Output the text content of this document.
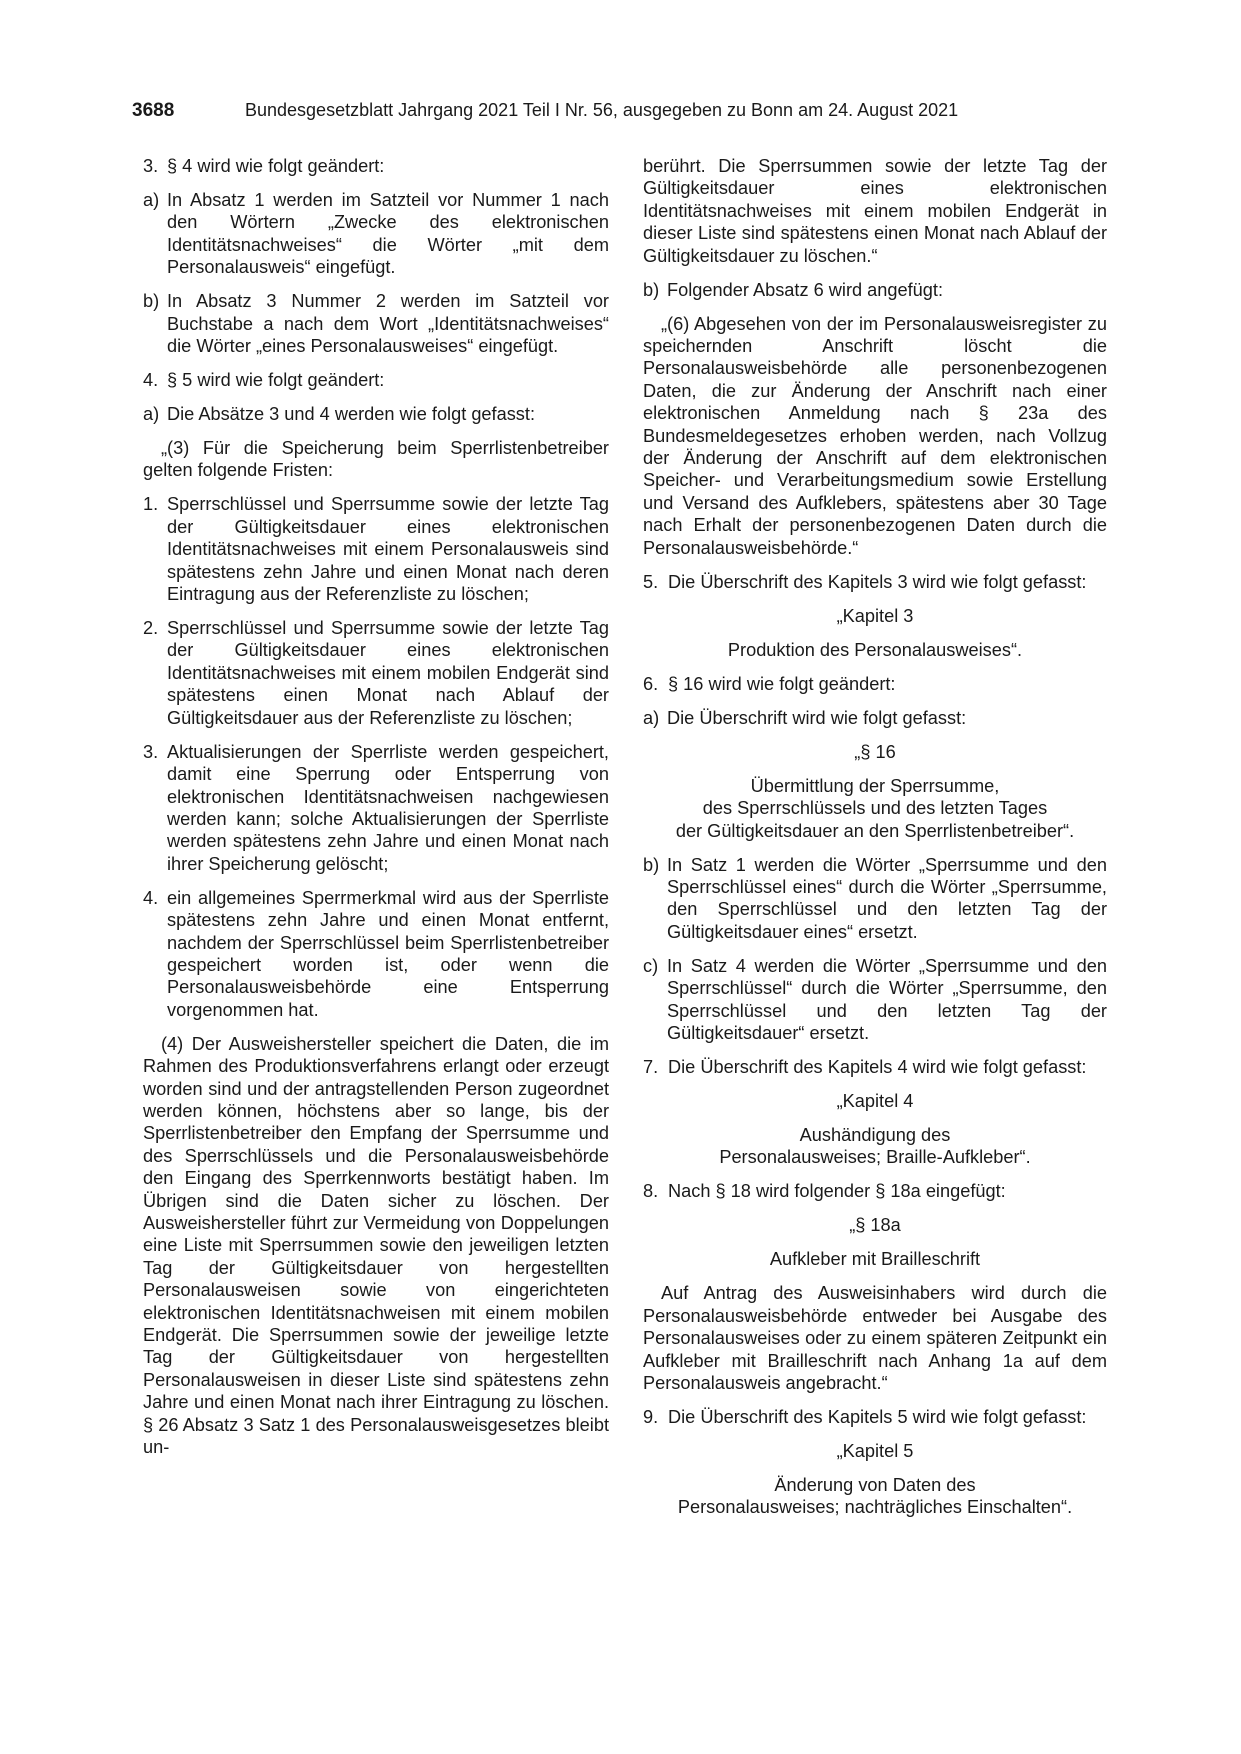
3688	Bundesgesetzblatt Jahrgang 2021 Teil I Nr. 56, ausgegeben zu Bonn am 24. August 2021
3. § 4 wird wie folgt geändert:
a) In Absatz 1 werden im Satzteil vor Nummer 1 nach den Wörtern „Zwecke des elektronischen Identitätsnachweises“ die Wörter „mit dem Personalausweis“ eingefügt.
b) In Absatz 3 Nummer 2 werden im Satzteil vor Buchstabe a nach dem Wort „Identitätsnachweises“ die Wörter „eines Personalausweises“ eingefügt.
4. § 5 wird wie folgt geändert:
a) Die Absätze 3 und 4 werden wie folgt gefasst:

„(3) Für die Speicherung beim Sperrlistenbetreiber gelten folgende Fristen:

1. Sperrschlüssel und Sperrsumme sowie der letzte Tag der Gültigkeitsdauer eines elektronischen Identitätsnachweises mit einem Personalausweis sind spätestens zehn Jahre und einen Monat nach deren Eintragung aus der Referenzliste zu löschen;
2. Sperrschlüssel und Sperrsumme sowie der letzte Tag der Gültigkeitsdauer eines elektronischen Identitätsnachweises mit einem mobilen Endgerät sind spätestens einen Monat nach Ablauf der Gültigkeitsdauer aus der Referenzliste zu löschen;
3. Aktualisierungen der Sperrliste werden gespeichert, damit eine Sperrung oder Entsperrung von elektronischen Identitätsnachweisen nachgewiesen werden kann; solche Aktualisierungen der Sperrliste werden spätestens zehn Jahre und einen Monat nach ihrer Speicherung gelöscht;
4. ein allgemeines Sperrmerkmal wird aus der Sperrliste spätestens zehn Jahre und einen Monat entfernt, nachdem der Sperrschlüssel beim Sperrlistenbetreiber gespeichert worden ist, oder wenn die Personalausweisbehörde eine Entsperrung vorgenommen hat.

(4) Der Ausweishersteller speichert die Daten, die im Rahmen des Produktionsverfahrens erlangt oder erzeugt worden sind und der antragstellenden Person zugeordnet werden können, höchstens aber so lange, bis der Sperrlistenbetreiber den Empfang der Sperrsumme und des Sperrschlüssels und die Personalausweisbehörde den Eingang des Sperrkennworts bestätigt haben. Im Übrigen sind die Daten sicher zu löschen. Der Ausweishersteller führt zur Vermeidung von Doppelungen eine Liste mit Sperrsummen sowie den jeweiligen letzten Tag der Gültigkeitsdauer von hergestellten Personalausweisen sowie von eingerichteten elektronischen Identitätsnachweisen mit einem mobilen Endgerät. Die Sperrsummen sowie der jeweilige letzte Tag der Gültigkeitsdauer von hergestellten Personalausweisen in dieser Liste sind spätestens zehn Jahre und einen Monat nach ihrer Eintragung zu löschen. § 26 Absatz 3 Satz 1 des Personalausweisgesetzes bleibt un-

berührt. Die Sperrsummen sowie der letzte Tag der Gültigkeitsdauer eines elektronischen Identitätsnachweises mit einem mobilen Endgerät in dieser Liste sind spätestens einen Monat nach Ablauf der Gültigkeitsdauer zu löschen.“

b) Folgender Absatz 6 wird angefügt:

„(6) Abgesehen von der im Personalausweisregister zu speichernden Anschrift löscht die Personalausweisbehörde alle personenbezogenen Daten, die zur Änderung der Anschrift nach einer elektronischen Anmeldung nach § 23a des Bundesmeldegesetzes erhoben werden, nach Vollzug der Änderung der Anschrift auf dem elektronischen Speicher- und Verarbeitungsmedium sowie Erstellung und Versand des Aufklebers, spätestens aber 30 Tage nach Erhalt der personenbezogenen Daten durch die Personalausweisbehörde.“

5. Die Überschrift des Kapitels 3 wird wie folgt gefasst:

„Kapitel 3

Produktion des Personalausweises“.

6. § 16 wird wie folgt geändert:
a) Die Überschrift wird wie folgt gefasst:

„§ 16

Übermittlung der Sperrsumme,

des Sperrschlüssels und des letzten Tages

der Gültigkeitsdauer an den Sperrlistenbetreiber“.

b) In Satz 1 werden die Wörter „Sperrsumme und den Sperrschlüssel eines“ durch die Wörter „Sperrsumme, den Sperrschlüssel und den letzten Tag der Gültigkeitsdauer eines“ ersetzt.
c) In Satz 4 werden die Wörter „Sperrsumme und den Sperrschlüssel“ durch die Wörter „Sperrsumme, den Sperrschlüssel und den letzten Tag der Gültigkeitsdauer“ ersetzt.
7. Die Überschrift des Kapitels 4 wird wie folgt gefasst:

„Kapitel 4

Aushändigung des

Personalausweises; Braille-Aufkleber“.

8. Nach § 18 wird folgender § 18a eingefügt:

„§ 18a

Aufkleber mit Brailleschrift

Auf Antrag des Ausweisinhabers wird durch die Personalausweisbehörde entweder bei Ausgabe des Personalausweises oder zu einem späteren Zeitpunkt ein Aufkleber mit Brailleschrift nach Anhang 1a auf dem Personalausweis angebracht.“

9. Die Überschrift des Kapitels 5 wird wie folgt gefasst:

„Kapitel 5

Änderung von Daten des

Personalausweises; nachträgliches Einschalten“.
